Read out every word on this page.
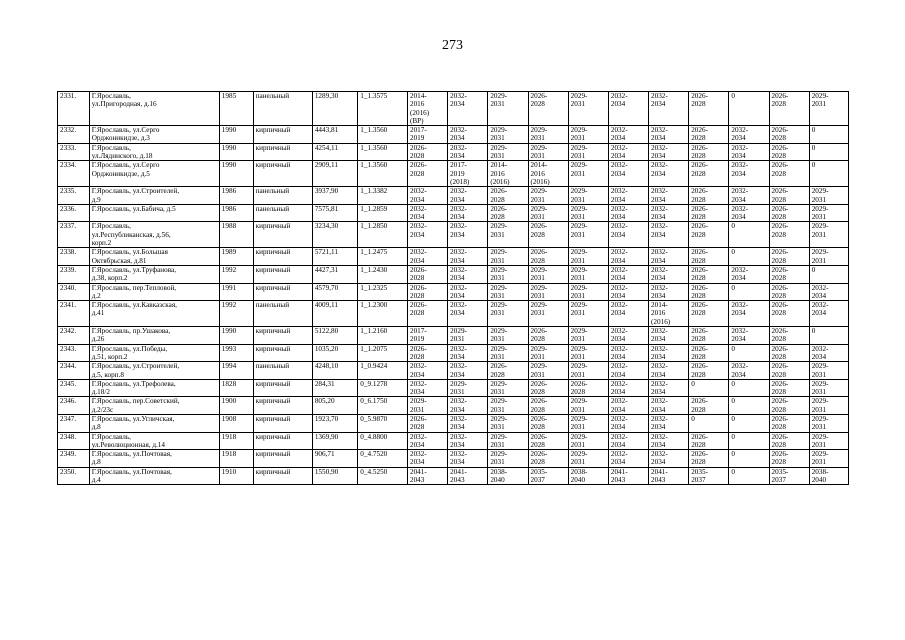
273
2331.	Г.Ярославль,
ул.Пригородная, д.16	1985	панельный	1289,30	1_1.3575	2014-
2016
(2016)
(ВР)	2032-
2034	2029-
2031	2026-
2028	2029-
2031	2032-
2034	2032-
2034	2026-
2028	0	2026-
2028	2029-
2031
2332.	Г.Ярославль, ул.Серго
Орджоникидзе, д.3	1990	кирпичный	4443,81	1_1.3560	2017-
2019	2032-
2034	2029-
2031	2029-
2031	2029-
2031	2032-
2034	2032-
2034	2026-
2028	2032-
2034	2026-
2028	0
2333.	Г.Ярославль,
ул.Лядинского, д.18	1990	кирпичный	4254,11	1_1.3560	2026-
2028	2032-
2034	2029-
2031	2029-
2031	2029-
2031	2032-
2034	2032-
2034	2026-
2028	2032-
2034	2026-
2028	0
2334.	Г.Ярославль, ул.Серго
Орджоникидзе, д.5	1990	кирпичный	2909,11	1_1.3560	2026-
2028	2017-
2019
(2018)	2014-
2016
(2016)	2014-
2016
(2016)	2029-
2031	2032-
2034	2032-
2034	2026-
2028	2032-
2034	2026-
2028	0
2335.	Г.Ярославль, ул.Строителей,
д.9	1986	панельный	3937,90	1_1.3382	2032-
2034	2032-
2034	2026-
2028	2029-
2031	2029-
2031	2032-
2034	2032-
2034	2026-
2028	2032-
2034	2026-
2028	2029-
2031
2336.	Г.Ярославль, ул.Бабича, д.5	1986	панельный	7575,81	1_1.2859	2032-
2034	2032-
2034	2026-
2028	2029-
2031	2029-
2031	2032-
2034	2032-
2034	2026-
2028	2032-
2034	2026-
2028	2029-
2031
2337.	Г.Ярославль,
ул.Республиканская, д.56,
корп.2	1988	кирпичный	3234,30	1_1.2850	2032-
2034	2032-
2034	2029-
2031	2026-
2028	2029-
2031	2032-
2034	2032-
2034	2026-
2028	0	2026-
2028	2029-
2031
2338.	Г.Ярославль, ул.Большая
Октябрьская, д.81	1989	кирпичный	5721,11	1_1.2475	2032-
2034	2032-
2034	2029-
2031	2026-
2028	2029-
2031	2032-
2034	2032-
2034	2026-
2028	0	2026-
2028	2029-
2031
2339.	Г.Ярославль, ул.Труфанова,
д.38, корп.2	1992	кирпичный	4427,31	1_1.2430	2026-
2028	2032-
2034	2029-
2031	2029-
2031	2029-
2031	2032-
2034	2032-
2034	2026-
2028	2032-
2034	2026-
2028	0
2340.	Г.Ярославль, пер.Тепловой,
д.2	1991	кирпичный	4579,70	1_1.2325	2026-
2028	2032-
2034	2029-
2031	2029-
2031	2029-
2031	2032-
2034	2032-
2034	2026-
2028	0	2026-
2028	2032-
2034
2341.	Г.Ярославль, ул.Кавказская,
д.41	1992	панельный	4009,11	1_1.2300	2026-
2028	2032-
2034	2029-
2031	2029-
2031	2029-
2031	2032-
2034	2014-
2016
(2016)	2026-
2028	2032-
2034	2026-
2028	2032-
2034
2342.	Г.Ярославль, пр.Ушакова,
д.26	1990	кирпичный	5122,80	1_1.2160	2017-
2019	2029-
2031	2029-
2031	2026-
2028	2029-
2031	2032-
2034	2032-
2034	2026-
2028	2032-
2034	2026-
2028	0
2343.	Г.Ярославль, ул.Победы,
д.51, корп.2	1993	кирпичный	1035,20	1_1.2075	2026-
2028	2032-
2034	2029-
2031	2029-
2031	2029-
2031	2032-
2034	2032-
2034	2026-
2028	0	2026-
2028	2032-
2034
2344.	Г.Ярославль, ул.Строителей,
д.5, корп.8	1994	панельный	4248,10	1_0.9424	2032-
2034	2032-
2034	2026-
2028	2029-
2031	2029-
2031	2032-
2034	2032-
2034	2026-
2028	2032-
2034	2026-
2028	2029-
2031
2345.	Г.Ярославль, ул.Трефолева,
д.18/2	1828	кирпичный	284,31	0_9.1278	2032-
2034	2029-
2031	2029-
2031	2026-
2028	2026-
2028	2032-
2034	2032-
2034	0	0	2026-
2028	2029-
2031
2346.	Г.Ярославль, пер.Советский,
д.2/23с	1900	кирпичный	805,20	0_6.1750	2029-
2031	2032-
2034	2029-
2031	2026-
2028	2029-
2031	2032-
2034	2032-
2034	2026-
2028	0	2026-
2028	2029-
2031
2347.	Г.Ярославль, ул.Угличская,
д.8	1908	кирпичный	1923,70	0_5.9870	2026-
2028	2032-
2034	2029-
2031	2026-
2028	2029-
2031	2032-
2034	2032-
2034	0	0	2026-
2028	2029-
2031
2348.	Г.Ярославль,
ул.Революционная, д.14	1918	кирпичный	1369,90	0_4.8800	2032-
2034	2032-
2034	2029-
2031	2026-
2028	2029-
2031	2032-
2034	2032-
2034	2026-
2028	0	2026-
2028	2029-
2031
2349.	Г.Ярославль, ул.Почтовая,
д.8	1918	кирпичный	906,71	0_4.7520	2032-
2034	2032-
2034	2029-
2031	2026-
2028	2029-
2031	2032-
2034	2032-
2034	2026-
2028	0	2026-
2028	2029-
2031
2350.	Г.Ярославль, ул.Почтовая,
д.4	1910	кирпичный	1550,90	0_4.5250	2041-
2043	2041-
2043	2038-
2040	2035-
2037	2038-
2040	2041-
2043	2041-
2043	2035-
2037	0	2035-
2037	2038-
2040
